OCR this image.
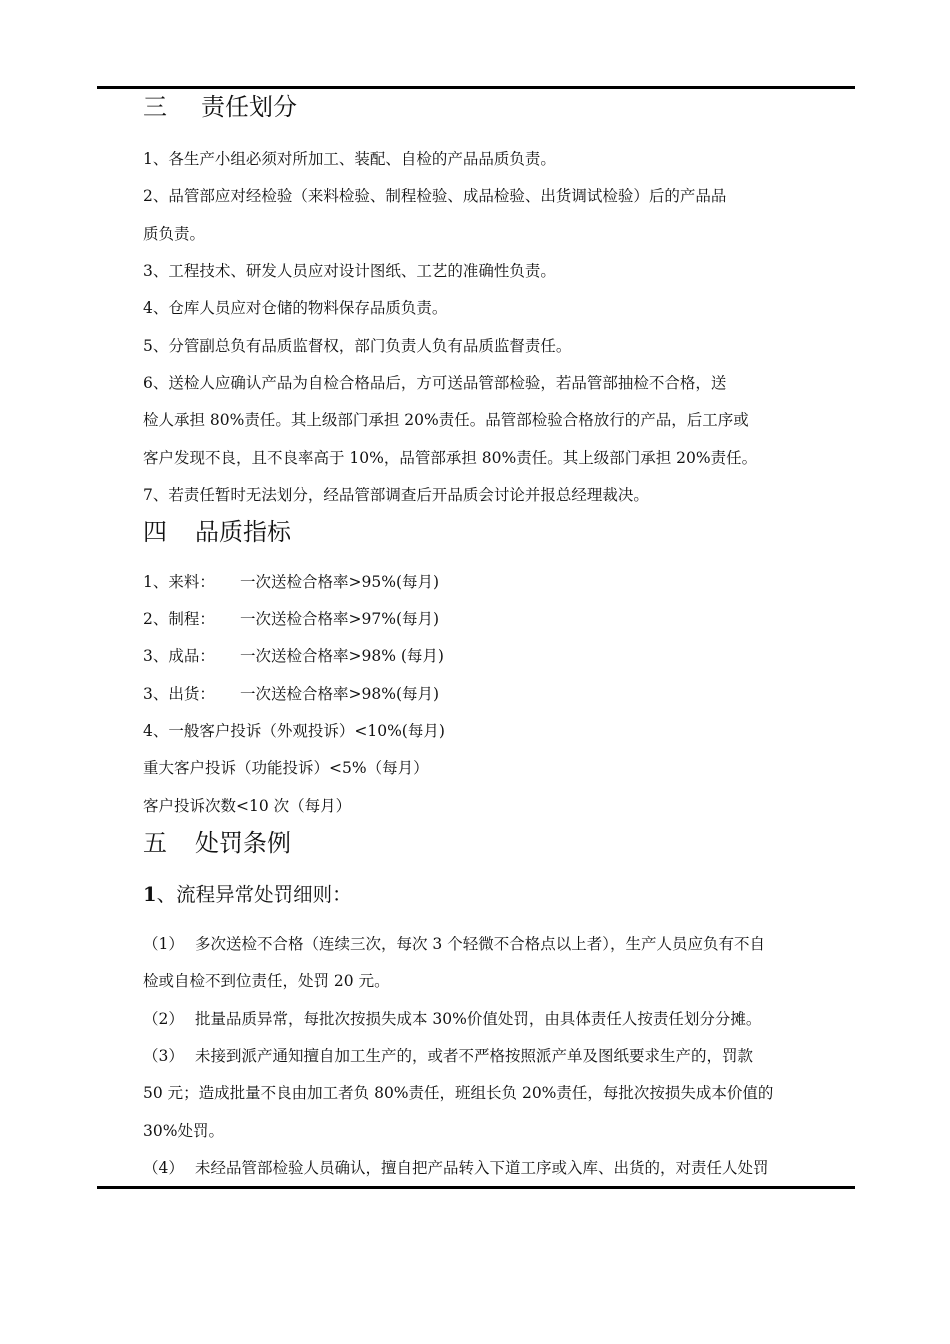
三 责任划分
1、各生产小组必须对所加工、装配、自检的产品品质负责。
2、品管部应对经检验（来料检验、制程检验、成品检验、出货调试检验）后的产品品
质负责。
3、工程技术、研发人员应对设计图纸、工艺的准确性负责。
4、仓库人员应对仓储的物料保存品质负责。
5、分管副总负有品质监督权，部门负责人负有品质监督责任。
6、送检人应确认产品为自检合格品后，方可送品管部检验，若品管部抽检不合格，送
检人承担 80%责任。其上级部门承担 20%责任。品管部检验合格放行的产品，后工序或
客户发现不良，且不良率高于 10%，品管部承担 80%责任。其上级部门承担 20%责任。
7、若责任暂时无法划分，经品管部调查后开品质会讨论并报总经理裁决。
四 品质指标
1、来料： 一次送检合格率>95%(每月)
2、制程： 一次送检合格率>97%(每月)
3、成品： 一次送检合格率>98% (每月)
3、出货： 一次送检合格率>98%(每月)
4、一般客户投诉（外观投诉）<10%(每月)
重大客户投诉（功能投诉）<5%（每月）
客户投诉次数<10 次（每月）
五 处罚条例
1、流程异常处罚细则：
（1） 多次送检不合格（连续三次，每次 3 个轻微不合格点以上者），生产人员应负有不自
检或自检不到位责任，处罚 20 元。
（2） 批量品质异常，每批次按损失成本 30%价值处罚，由具体责任人按责任划分分摊。
（3） 未接到派产通知擅自加工生产的，或者不严格按照派产单及图纸要求生产的，罚款
50 元；造成批量不良由加工者负 80%责任，班组长负 20%责任，每批次按损失成本价值的
30%处罚。
（4） 未经品管部检验人员确认，擅自把产品转入下道工序或入库、出货的，对责任人处罚
